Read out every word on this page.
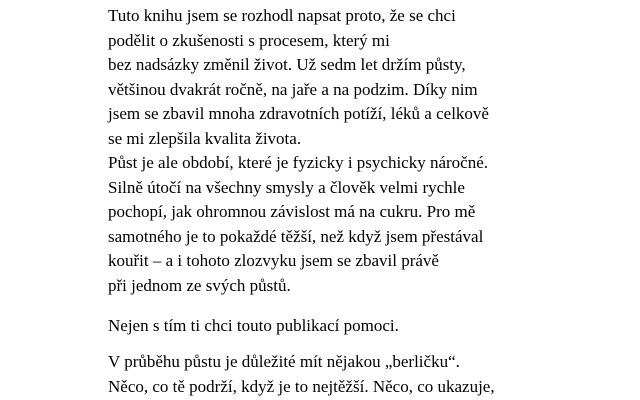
Tuto knihu jsem se rozhodl napsat proto, že se chci
podělit o zkušenosti s procesem, který mi
bez nadsázky změnil život. Už sedm let držím půsty,
většinou dvakrát ročně, na jaře a na podzim. Díky nim
jsem se zbavil mnoha zdravotních potíží, léků a celkově
se mi zlepšila kvalita života.
Půst je ale období, které je fyzicky i psychicky náročné.
Silně útočí na všechny smysly a člověk velmi rychle
pochopí, jak ohromnou závislost má na cukru. Pro mě
samotného je to pokaždé těžší, než když jsem přestával
kouřit – a i tohoto zlozvyku jsem se zbavil právě
při jednom ze svých půstů.
Nejen s tím ti chci touto publikací pomoci.
V průběhu půstu je důležité mít nějakou „berličku“.
Něco, co tě podrží, když je to nejtěžší. Něco, co ukazuje,
